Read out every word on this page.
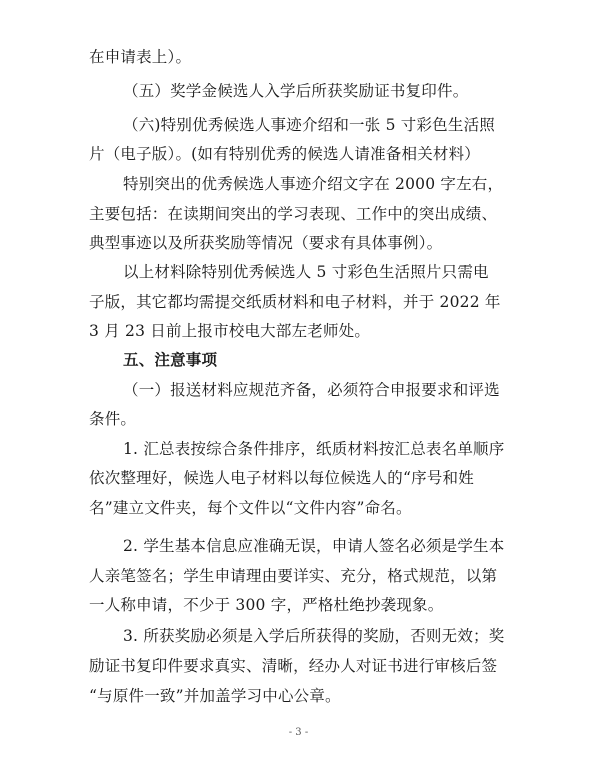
在申请表上）。
（五）奖学金候选人入学后所获奖励证书复印件。
（六)特别优秀候选人事迹介绍和一张 5 寸彩色生活照
片（电子版）。(如有特别优秀的候选人请准备相关材料）
特别突出的优秀候选人事迹介绍文字在 2000 字左右，
主要包括：在读期间突出的学习表现、工作中的突出成绩、
典型事迹以及所获奖励等情况（要求有具体事例）。
以上材料除特别优秀候选人 5 寸彩色生活照片只需电
子版，其它都均需提交纸质材料和电子材料，并于 2022 年
3 月 23 日前上报市校电大部左老师处。
五、注意事项
（一）报送材料应规范齐备，必须符合申报要求和评选
条件。
1. 汇总表按综合条件排序，纸质材料按汇总表名单顺序
依次整理好，候选人电子材料以每位候选人的“序号和姓
名”建立文件夹，每个文件以“文件内容”命名。
2. 学生基本信息应准确无误，申请人签名必须是学生本
人亲笔签名；学生申请理由要详实、充分，格式规范，以第
一人称申请，不少于 300 字，严格杜绝抄袭现象。
3. 所获奖励必须是入学后所获得的奖励，否则无效；奖
励证书复印件要求真实、清晰，经办人对证书进行审核后签
“与原件一致”并加盖学习中心公章。
- 3 -
